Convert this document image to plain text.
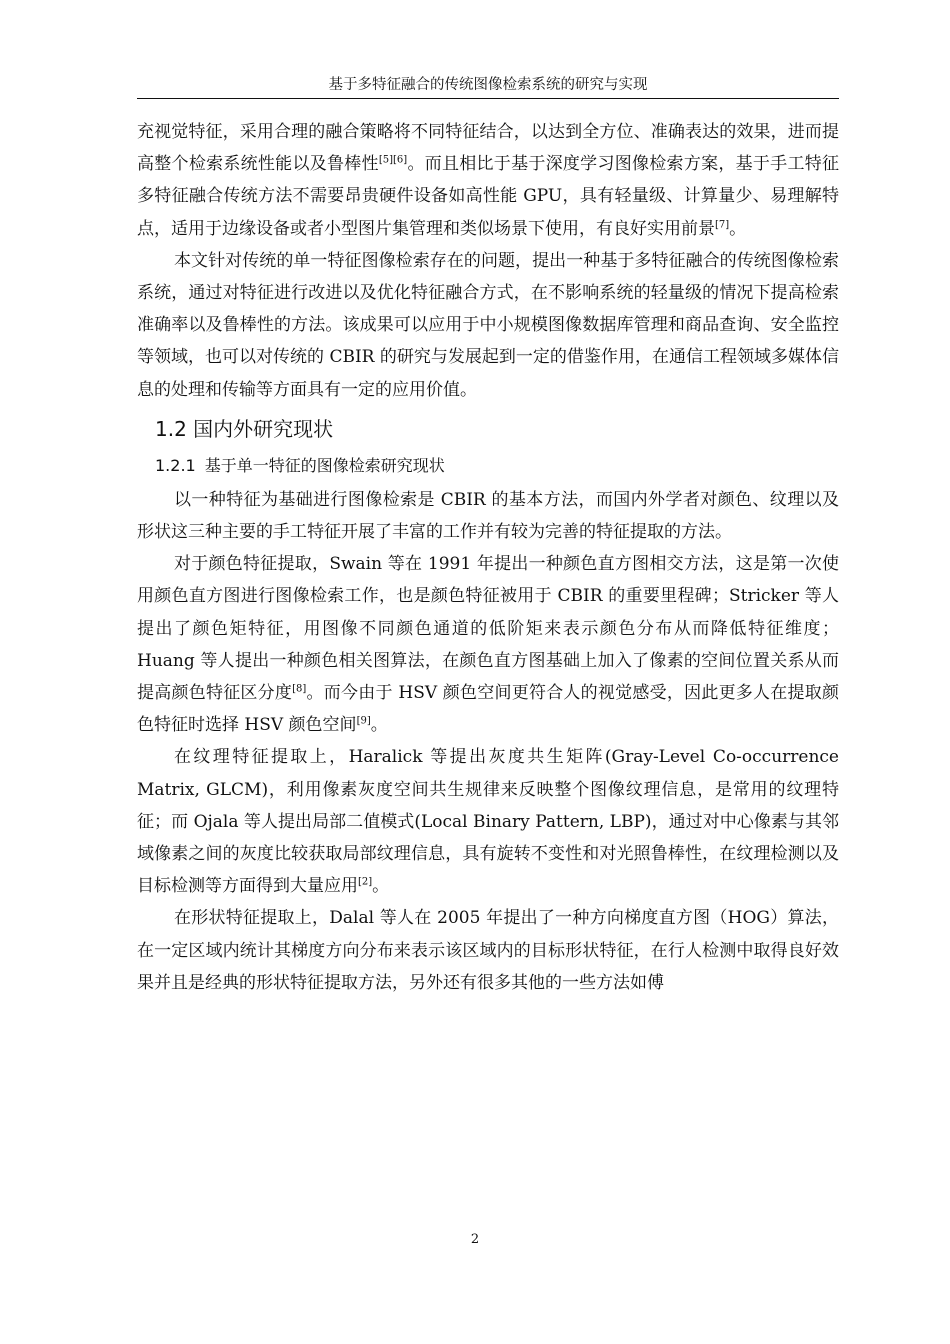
基于多特征融合的传统图像检索系统的研究与实现

充视觉特征，采用合理的融合策略将不同特征结合，以达到全方位、准确表达的效果，进而提高整个检索系统性能以及鲁棒性[5][6]。而且相比于基于深度学习图像检索方案，基于手工特征多特征融合传统方法不需要昂贵硬件设备如高性能 GPU，具有轻量级、计算量少、易理解特点，适用于边缘设备或者小型图片集管理和类似场景下使用，有良好实用前景[7]。

本文针对传统的单一特征图像检索存在的问题，提出一种基于多特征融合的传统图像检索系统，通过对特征进行改进以及优化特征融合方式，在不影响系统的轻量级的情况下提高检索准确率以及鲁棒性的方法。该成果可以应用于中小规模图像数据库管理和商品查询、安全监控等领域，也可以对传统的 CBIR 的研究与发展起到一定的借鉴作用，在通信工程领域多媒体信息的处理和传输等方面具有一定的应用价值。

1.2 国内外研究现状
1.2.1 基于单一特征的图像检索研究现状

以一种特征为基础进行图像检索是 CBIR 的基本方法，而国内外学者对颜色、纹理以及形状这三种主要的手工特征开展了丰富的工作并有较为完善的特征提取的方法。

对于颜色特征提取，Swain 等在 1991 年提出一种颜色直方图相交方法，这是第一次使用颜色直方图进行图像检索工作，也是颜色特征被用于 CBIR 的重要里程碑；Stricker 等人提出了颜色矩特征，用图像不同颜色通道的低阶矩来表示颜色分布从而降低特征维度；Huang 等人提出一种颜色相关图算法，在颜色直方图基础上加入了像素的空间位置关系从而提高颜色特征区分度[8]。而今由于 HSV 颜色空间更符合人的视觉感受，因此更多人在提取颜色特征时选择 HSV 颜色空间[9]。

在纹理特征提取上，Haralick 等提出灰度共生矩阵(Gray-Level Co-occurrence Matrix, GLCM)，利用像素灰度空间共生规律来反映整个图像纹理信息，是常用的纹理特征；而 Ojala 等人提出局部二值模式(Local Binary Pattern, LBP)，通过对中心像素与其邻域像素之间的灰度比较获取局部纹理信息，具有旋转不变性和对光照鲁棒性，在纹理检测以及目标检测等方面得到大量应用[2]。

在形状特征提取上，Dalal 等人在 2005 年提出了一种方向梯度直方图（HOG）算法，在一定区域内统计其梯度方向分布来表示该区域内的目标形状特征，在行人检测中取得良好效果并且是经典的形状特征提取方法，另外还有很多其他的一些方法如傅

2
